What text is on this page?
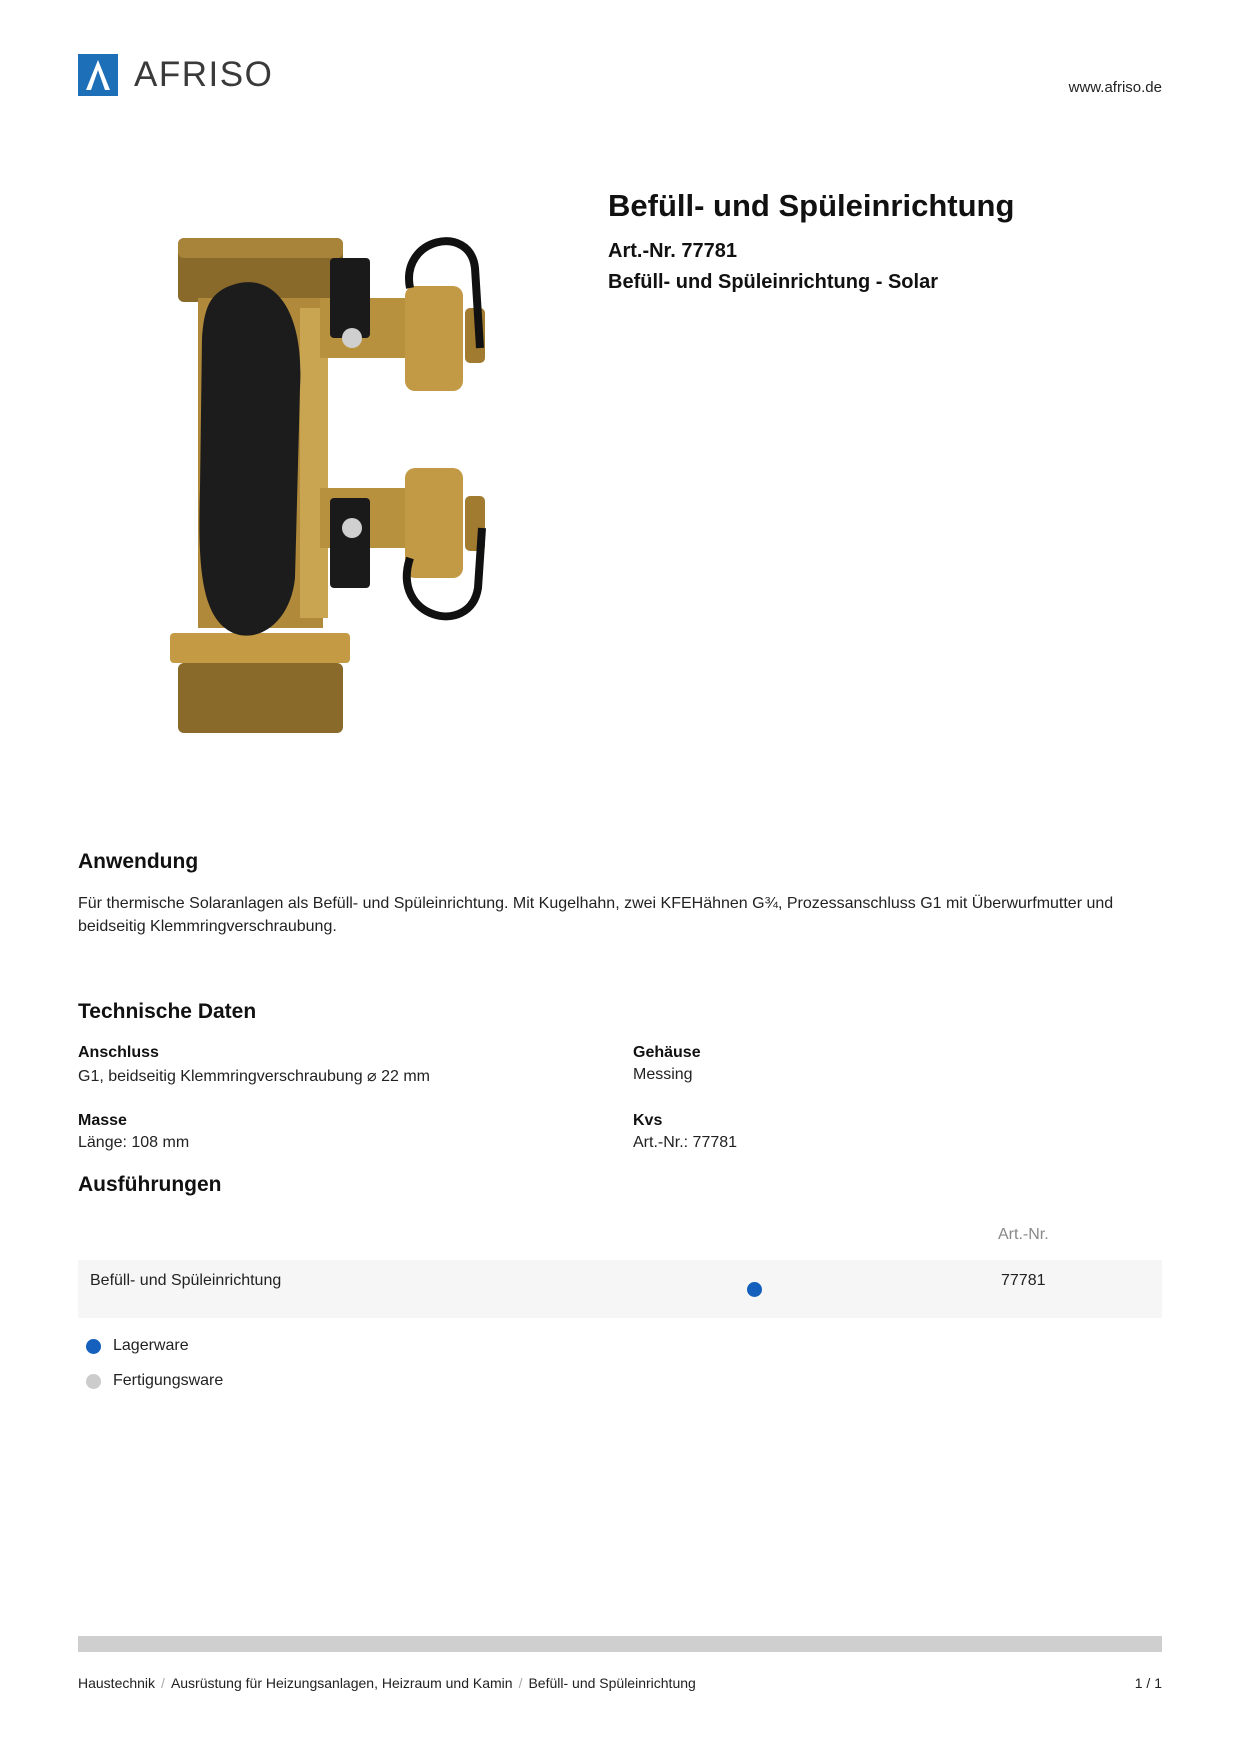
AFRISO	www.afriso.de
Befüll- und Spüleinrichtung
Art.-Nr. 77781
Befüll- und Spüleinrichtung - Solar
Anwendung
Für thermische Solaranlagen als Befüll- und Spüleinrichtung. Mit Kugelhahn, zwei KFEHähnen G¾, Prozessanschluss G1 mit Überwurfmutter und beidseitig Klemmringverschraubung.
Technische Daten
Anschluss
G1, beidseitig Klemmringverschraubung ⌀ 22 mm
Gehäuse
Messing
Masse
Länge: 108 mm
Kvs
Art.-Nr.: 77781
Ausführungen
Art.-Nr.
Befüll- und Spüleinrichtung	77781
Lagerware
Fertigungsware
Haustechnik / Ausrüstung für Heizungsanlagen, Heizraum und Kamin / Befüll- und Spüleinrichtung	1 / 1
